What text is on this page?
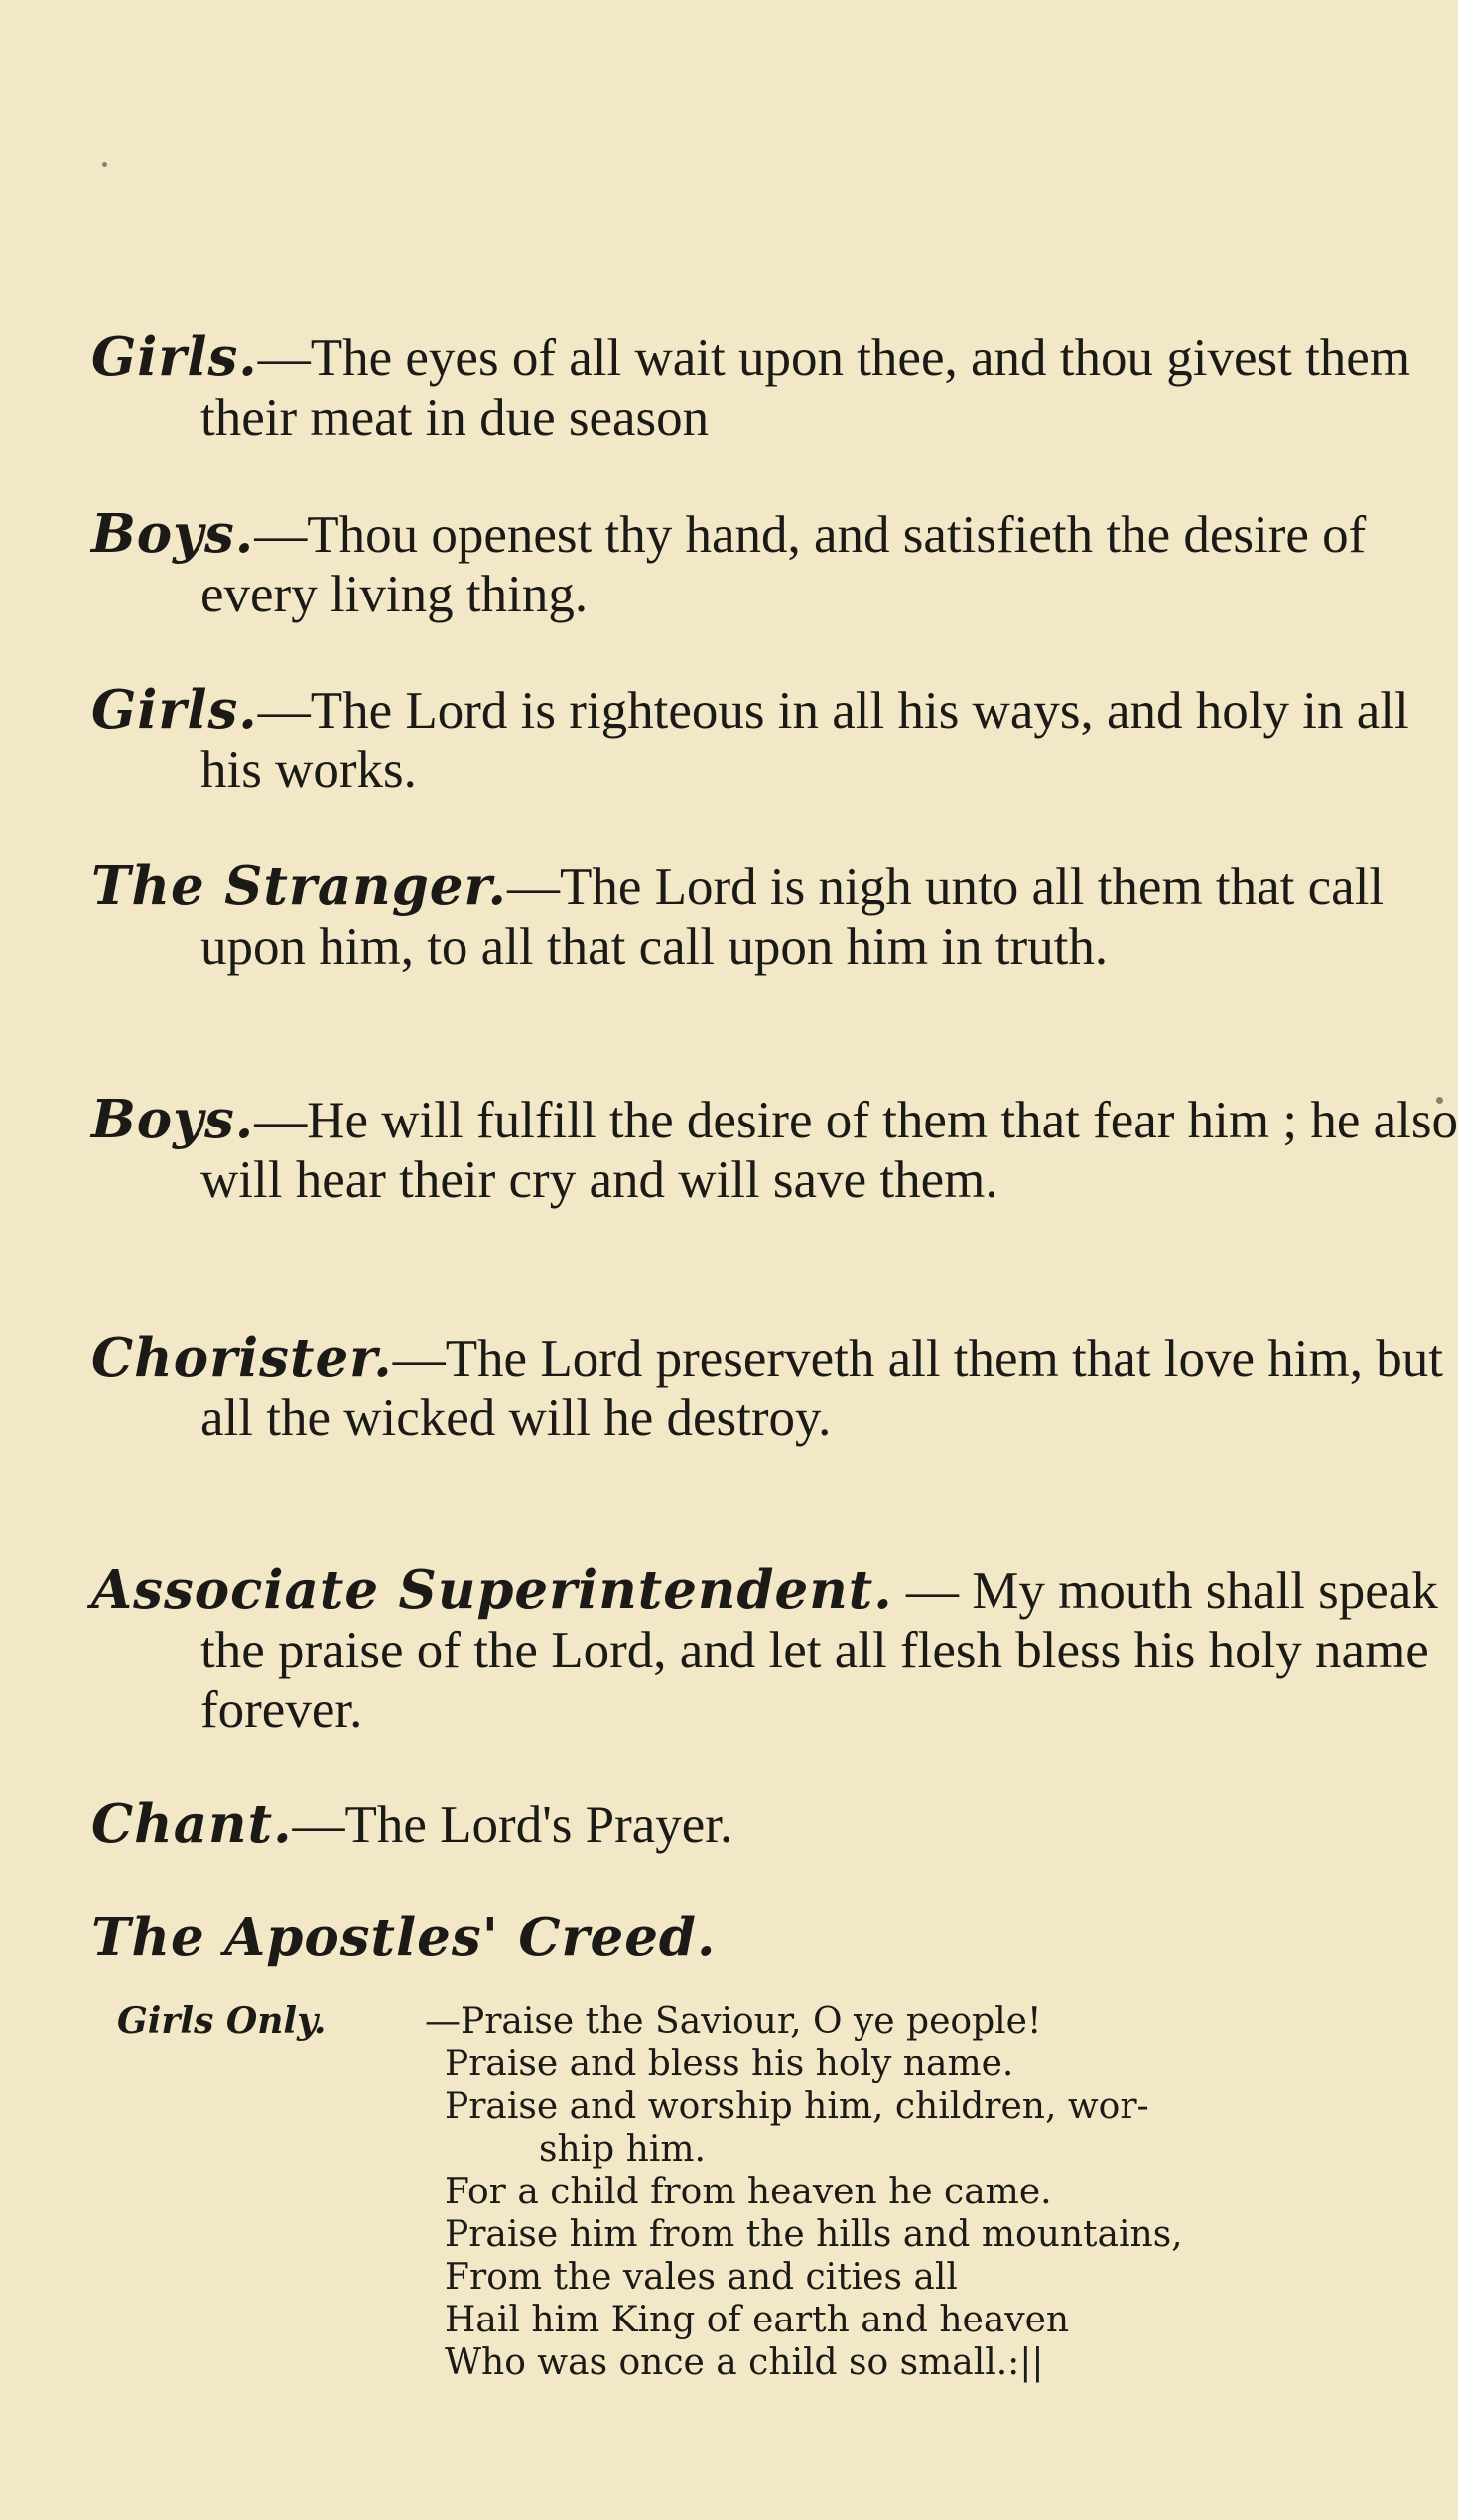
Girls.—The eyes of all wait upon thee, and thou givest them their meat in due season

Boys.—Thou openest thy hand, and satisfieth the desire of every living thing.

Girls.—The Lord is righteous in all his ways, and holy in all his works.

The Stranger.—The Lord is nigh unto all them that call upon him, to all that call upon him in truth.

Boys.—He will fulfill the desire of them that fear him ; he also will hear their cry and will save them.

Chorister.—The Lord preserveth all them that love him, but all the wicked will he destroy.

Associate Superintendent. — My mouth shall speak the praise of the Lord, and let all flesh bless his holy name forever.

Chant.—The Lord's Prayer.

The Apostles' Creed.

Girls Only.	—Praise the Saviour, O ye people!
Praise and bless his holy name.
Praise and worship him, children, wor-
ship him.
For a child from heaven he came.
Praise him from the hills and mountains,
From the vales and cities all
Hail him King of earth and heaven
Who was once a child so small.:||
